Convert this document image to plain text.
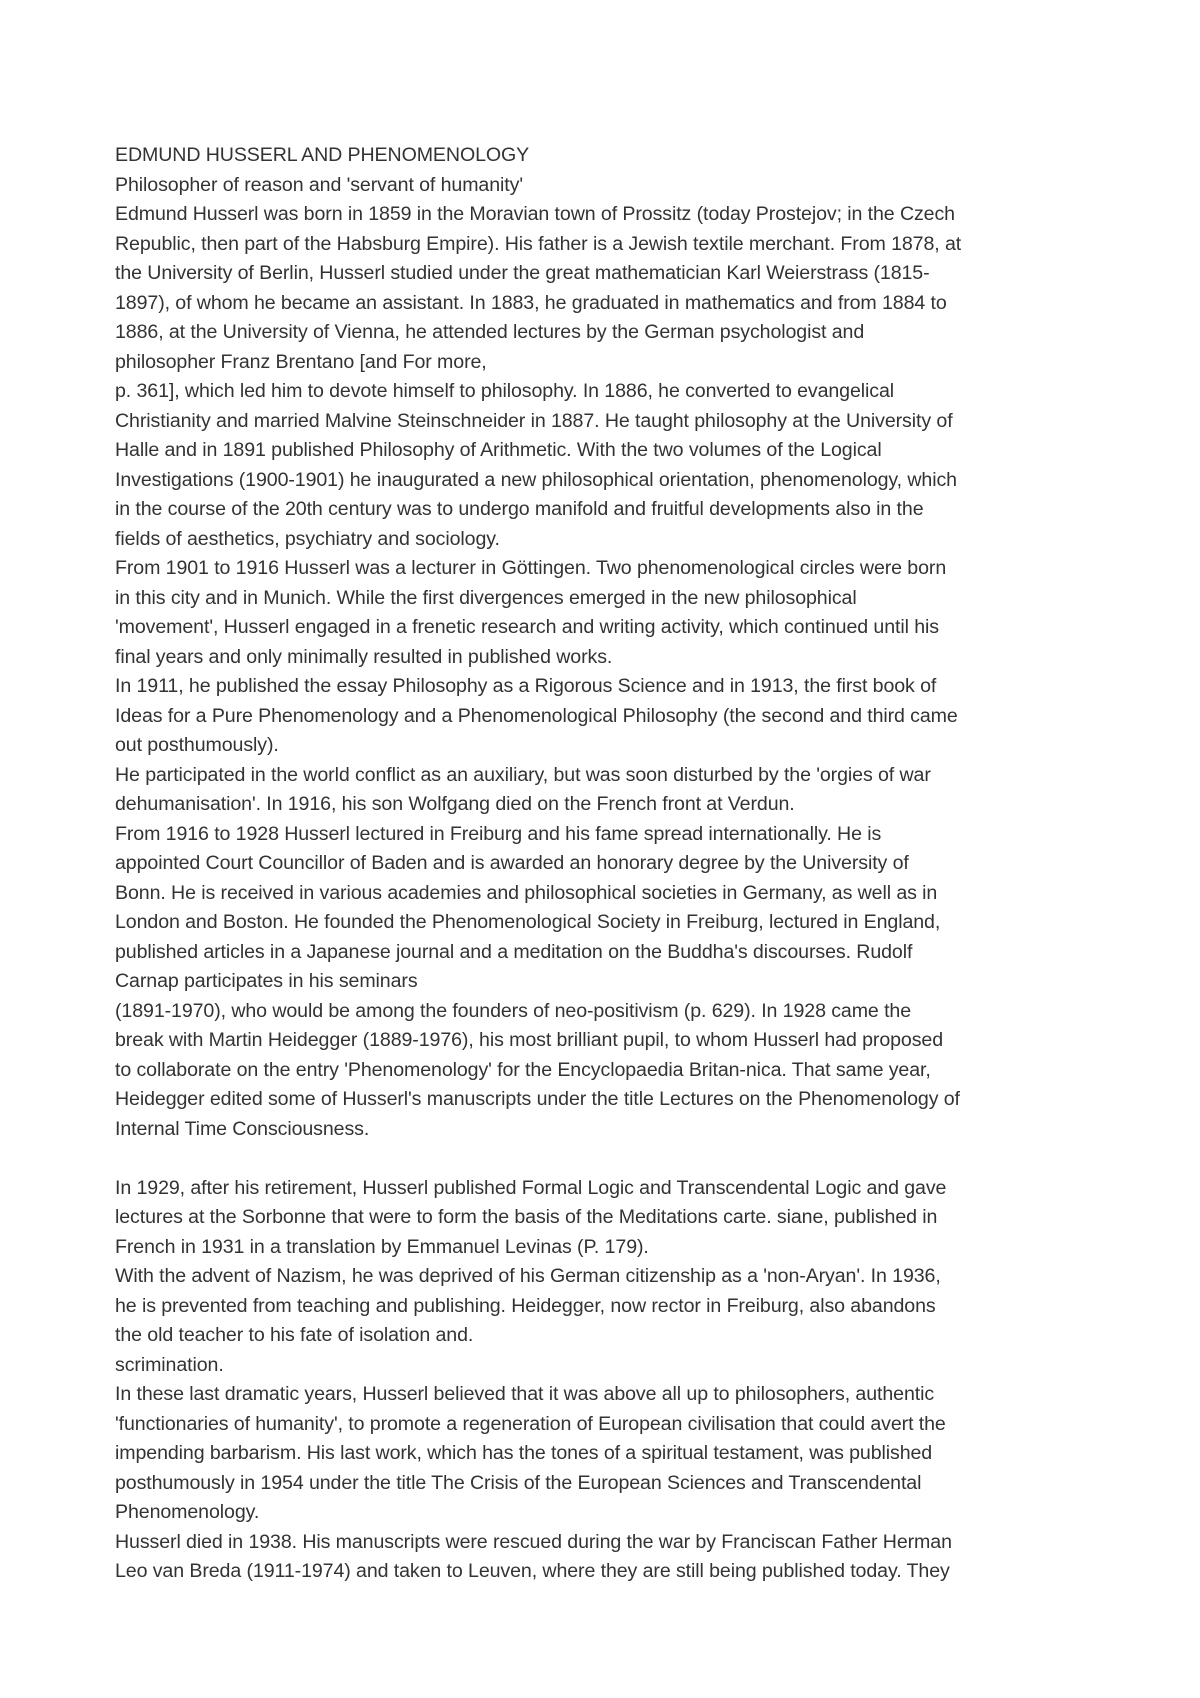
EDMUND HUSSERL AND PHENOMENOLOGY
Philosopher of reason and 'servant of humanity'
Edmund Husserl was born in 1859 in the Moravian town of Prossitz (today Prostejov; in the Czech
Republic, then part of the Habsburg Empire). His father is a Jewish textile merchant. From 1878, at
the University of Berlin, Husserl studied under the great mathematician Karl Weierstrass (1815-
1897), of whom he became an assistant. In 1883, he graduated in mathematics and from 1884 to
1886, at the University of Vienna, he attended lectures by the German psychologist and
philosopher Franz Brentano [and For more,
p. 361], which led him to devote himself to philosophy. In 1886, he converted to evangelical
Christianity and married Malvine Steinschneider in 1887. He taught philosophy at the University of
Halle and in 1891 published Philosophy of Arithmetic. With the two volumes of the Logical
Investigations (1900-1901) he inaugurated a new philosophical orientation, phenomenology, which
in the course of the 20th century was to undergo manifold and fruitful developments also in the
fields of aesthetics, psychiatry and sociology.
From 1901 to 1916 Husserl was a lecturer in Göttingen. Two phenomenological circles were born
in this city and in Munich. While the first divergences emerged in the new philosophical
'movement', Husserl engaged in a frenetic research and writing activity, which continued until his
final years and only minimally resulted in published works.
In 1911, he published the essay Philosophy as a Rigorous Science and in 1913, the first book of
Ideas for a Pure Phenomenology and a Phenomenological Philosophy (the second and third came
out posthumously).
He participated in the world conflict as an auxiliary, but was soon disturbed by the 'orgies of war
dehumanisation'. In 1916, his son Wolfgang died on the French front at Verdun.
From 1916 to 1928 Husserl lectured in Freiburg and his fame spread internationally. He is
appointed Court Councillor of Baden and is awarded an honorary degree by the University of
Bonn. He is received in various academies and philosophical societies in Germany, as well as in
London and Boston. He founded the Phenomenological Society in Freiburg, lectured in England,
published articles in a Japanese journal and a meditation on the Buddha's discourses. Rudolf
Carnap participates in his seminars
(1891-1970), who would be among the founders of neo-positivism (p. 629). In 1928 came the
break with Martin Heidegger (1889-1976), his most brilliant pupil, to whom Husserl had proposed
to collaborate on the entry 'Phenomenology' for the Encyclopaedia Britan-nica. That same year,
Heidegger edited some of Husserl's manuscripts under the title Lectures on the Phenomenology of
Internal Time Consciousness.
In 1929, after his retirement, Husserl published Formal Logic and Transcendental Logic and gave
lectures at the Sorbonne that were to form the basis of the Meditations carte. siane, published in
French in 1931 in a translation by Emmanuel Levinas (P. 179).
With the advent of Nazism, he was deprived of his German citizenship as a 'non-Aryan'. In 1936,
he is prevented from teaching and publishing. Heidegger, now rector in Freiburg, also abandons
the old teacher to his fate of isolation and.
scrimination.
In these last dramatic years, Husserl believed that it was above all up to philosophers, authentic
'functionaries of humanity', to promote a regeneration of European civilisation that could avert the
impending barbarism. His last work, which has the tones of a spiritual testament, was published
posthumously in 1954 under the title The Crisis of the European Sciences and Transcendental
Phenomenology.
Husserl died in 1938. His manuscripts were rescued during the war by Franciscan Father Herman
Leo van Breda (1911-1974) and taken to Leuven, where they are still being published today. They
